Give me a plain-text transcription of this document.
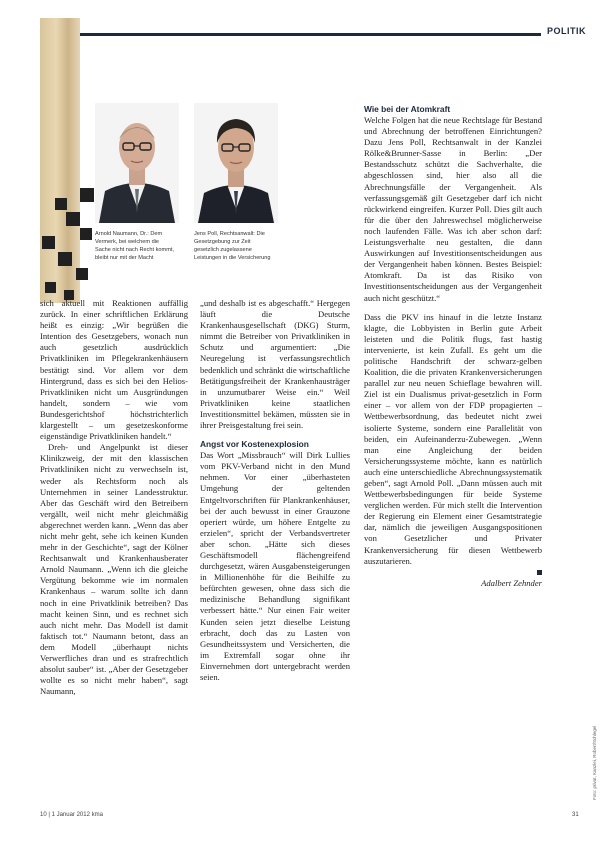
POLITIK
Arnold Naumann, Dr.: Dem Vermerk, bei welchem die Sache nicht nach Recht kommt, bleibt nur mit der Macht
Jens Poll, Rechtsanwalt: Die Gesetzgebung zur Zeit gesetzlich zugelassene Leistungen in die Versicherung

sich aktuell mit Reaktionen auffällig zurück. In einer schriftlichen Erklärung heißt es einzig: „Wir begrüßen die Intention des Gesetzgebers, wonach nun auch gesetzlich ausdrücklich Privatkliniken im Pflegekrankenhäusern bestätigt sind. Vor allem vor dem Hintergrund, dass es sich bei den Helios-Privatkliniken nicht um Ausgründungen handelt, sondern – wie vom Bundesgerichtshof höchstrichterlich klargestellt – um gesetzeskonforme eigenständige Privatkliniken handelt.“

Dreh- und Angelpunkt ist dieser Klinikzweig, der mit den klassischen Privatkliniken nicht zu verwechseln ist, weder als Rechtsform noch als Unternehmen in seiner Landesstruktur. Aber das Geschäft wird den Betreibern vergällt, weil nicht mehr gleichmäßig abgerechnet werden kann. „Wenn das aber nicht mehr geht, sehe ich keinen Kunden mehr in der Geschichte“, sagt der Kölner Rechtsanwalt und Krankenhausberater Arnold Naumann. „Wenn ich die gleiche Vergütung bekomme wie im normalen Krankenhaus – warum sollte ich dann noch in eine Privatklinik betreiben? Das macht keinen Sinn, und es rechnet sich auch nicht mehr. Das Modell ist damit faktisch tot.“ Naumann betont, dass an dem Modell „überhaupt nichts Verwerfliches dran und es strafrechtlich absolut sauber“ ist. „Aber der Gesetzgeber wollte es so nicht mehr haben“, sagt Naumann,

„und deshalb ist es abgeschafft.“ Hergegen läuft die Deutsche Krankenhausgesellschaft (DKG) Sturm, nimmt die Betreiber von Privatkliniken in Schutz und argumentiert: „Die Neuregelung ist verfassungsrechtlich bedenklich und schränkt die wirtschaftliche Betätigungsfreiheit der Krankenhausträger in unzumutbarer Weise ein.“ Weil Privatkliniken keine staatlichen Investitionsmittel bekämen, müssten sie in ihrer Preisgestaltung frei sein.

Angst vor Kostenexplosion

Das Wort „Missbrauch“ will Dirk Lullies vom PKV-Verband nicht in den Mund nehmen. Vor einer „überhasteten Umgehung der geltenden Entgeltvorschriften für Plankrankenhäuser, bei der auch bewusst in einer Grauzone operiert würde, um höhere Entgelte zu erzielen“, spricht der Verbandsvertreter aber schon. „Hätte sich dieses Geschäftsmodell flächengreifend durchgesetzt, wären Ausgabensteigerungen in Millionenhöhe für die Beihilfe zu befürchten gewesen, ohne dass sich die medizinische Behandlung signifikant verbessert hätte.“ Nur einen Fair weiter Kunden seien jetzt dieselbe Leistung erbracht, doch das zu Lasten von Gesundheitssystem und Versicherten, die im Extremfall sogar ohne ihr Einvernehmen dort untergebracht werden seien.

Wie bei der Atomkraft

Welche Folgen hat die neue Rechtslage für Bestand und Abrechnung der betroffenen Einrichtungen? Dazu Jens Poll, Rechtsanwalt in der Kanzlei Rölke&Brunner-Sasse in Berlin: „Der Bestandsschutz schützt die Sachverhalte, die abgeschlossen sind, hier also all die Abrechnungsfälle der Vergangenheit. Als verfassungsgemäß gilt Gesetzgeber darf ich nicht rückwirkend eingreifen. Kurzer Poll. Dies gilt auch für die über den Jahreswechsel möglicherweise noch laufenden Fälle. Was ich aber schon darf: Leistungsverhalte neu gestalten, die dann Auswirkungen auf Investitionsentscheidungen aus der Vergangenheit haben können. Bestes Beispiel: Atomkraft. Da ist das Risiko von Investitionsentscheidungen aus der Vergangenheit auch nicht geschützt.“

Dass die PKV ins hinauf in die letzte Instanz klagte, die Lobbyisten in Berlin gute Arbeit leisteten und die Politik flugs, fast hastig intervenierte, ist kein Zufall. Es geht um die politische Handschrift der schwarz-gelben Koalition, die die privaten Krankenversicherungen parallel zur neu neuen Schieflage bewahren will. Ziel ist ein Dualismus privat-gesetzlich in Form einer – vor allem von der FDP propagierten – Wettbewerbsordnung, das bedeutet nicht zwei isolierte Systeme, sondern eine Parallelität von beiden, ein Aufeinanderzu-Zubewegen. „Wenn man eine Angleichung der beiden Versicherungssysteme möchte, kann es natürlich auch eine unterschiedliche Abrechnungssystematik geben“, sagt Arnold Poll. „Dann müssen auch mit Wettbewerbsbedingungen für beide Systeme verglichen werden. Für mich stellt die Intervention der Regierung ein Element einer Gesamtstrategie dar, nämlich die jeweiligen Ausgangspositionen von Gesetzlicher und Privater Krankenversicherung für diesen Wettbewerb auszutarieren.

Adalbert Zehnder

Foto: privat, Kanzlei, Robert/Schlegel
10 | 1 Januar 2012 kma	31
